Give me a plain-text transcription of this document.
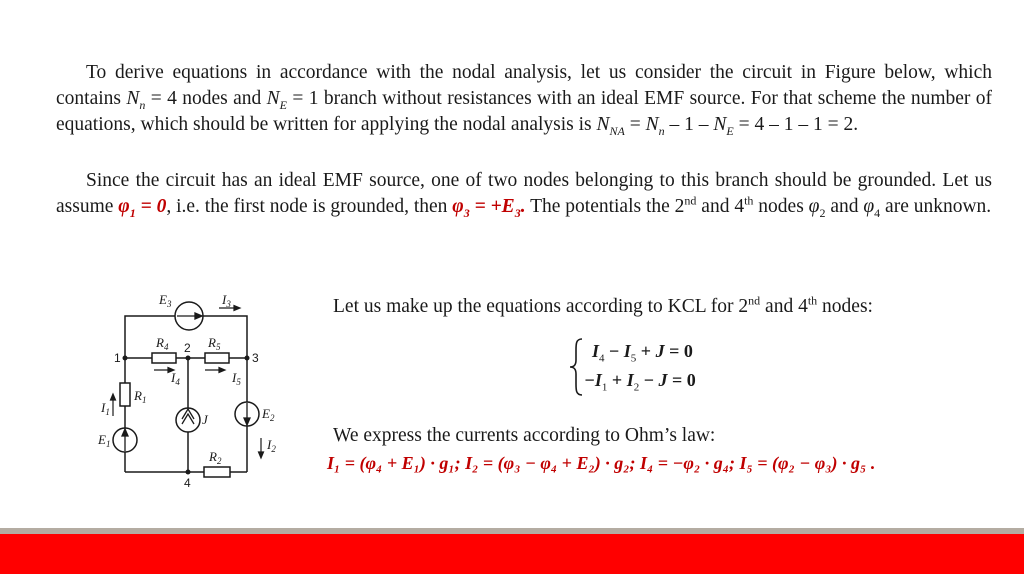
To derive equations in accordance with the nodal analysis, let us consider the circuit in Figure below, which contains $N_n = 4$ nodes and $N_E = 1$ branch without resistances with an ideal EMF source. For that scheme the number of equations, which should be written for applying the nodal analysis is $N_{NA} = N_n - 1 - N_E = 4 - 1 - 1 = 2$.

Since the circuit has an ideal EMF source, one of two nodes belonging to this branch should be grounded. Let us assume $\varphi_1 = 0$, i.e. the first node is grounded, then $\varphi_3 = +E_3$. The potentials the 2nd and 4th nodes $\varphi_2$ and $\varphi_4$ are unknown.

1
2
3
4
$E_3$	$I_3$
$R_4$	$R_5$
$I_4$	$I_5$
$R_1$
$I_1$
$E_1$
J	$E_2$
$I_2$
$R_2$
Let us make up the equations according to KCL for 2nd and 4th nodes:
$I_4 - I_5 + J = 0$
$-I_1 + I_2 - J = 0$
We express the currents according to Ohm’s law:
I₁ = (φ₄ + E₁) · g₁; I₂ = (φ₃ − φ₄ + E₂) · g₂; I₄ = −φ₂ · g₄; I₅ = (φ₂ − φ₃) · g₅ .
